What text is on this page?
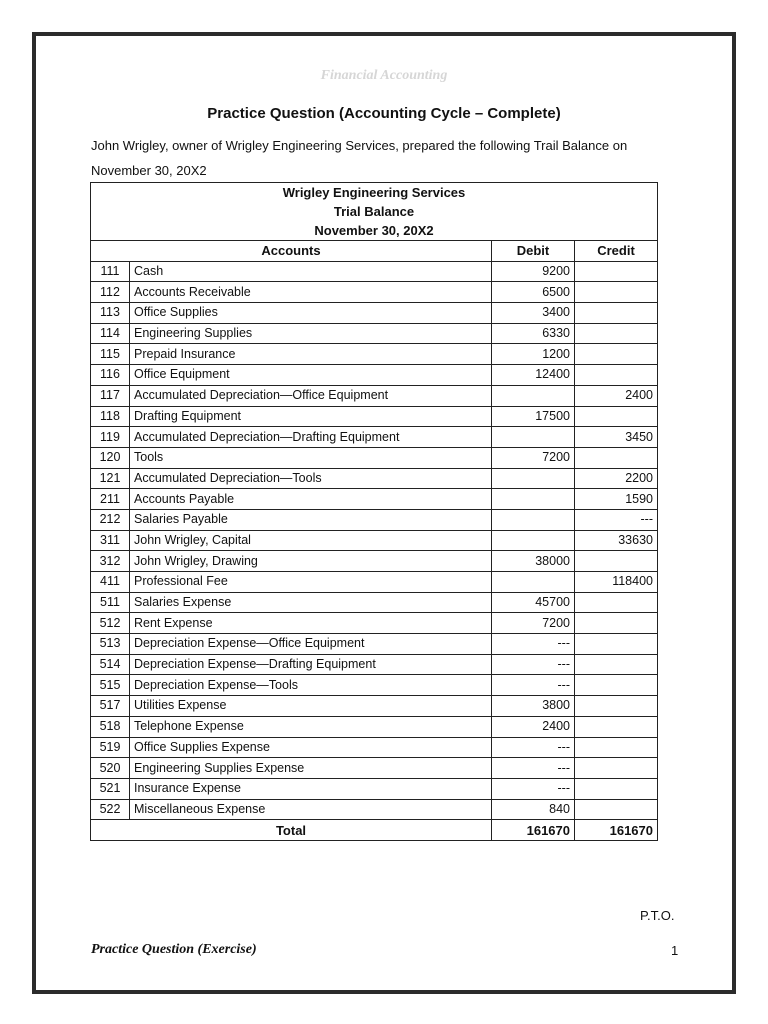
Financial Accounting
Practice Question (Accounting Cycle – Complete)
John Wrigley, owner of Wrigley Engineering Services, prepared the following Trail Balance on November 30, 20X2
Wrigley Engineering Services
Trial Balance
November 30, 20X2			

Accounts		Debit	Credit
111	Cash	9200	
112	Accounts Receivable	6500	
113	Office Supplies	3400	
114	Engineering Supplies	6330	
115	Prepaid Insurance	1200	
116	Office Equipment	12400	
117	Accumulated Depreciation—Office Equipment		2400
118	Drafting Equipment	17500	
119	Accumulated Depreciation—Drafting Equipment		3450
120	Tools	7200	
121	Accumulated Depreciation—Tools		2200
211	Accounts Payable		1590
212	Salaries Payable		---
311	John Wrigley, Capital		33630
312	John Wrigley, Drawing	38000	
411	Professional Fee		118400
511	Salaries Expense	45700	
512	Rent Expense	7200	
513	Depreciation Expense—Office Equipment	---	
514	Depreciation Expense—Drafting Equipment	---	
515	Depreciation Expense—Tools	---	
517	Utilities Expense	3800	
518	Telephone Expense	2400	
519	Office Supplies Expense	---	
520	Engineering Supplies Expense	---	
521	Insurance Expense	---	
522	Miscellaneous Expense	840	
Total		161670	161670
P.T.O.
Practice Question (Exercise)	1
